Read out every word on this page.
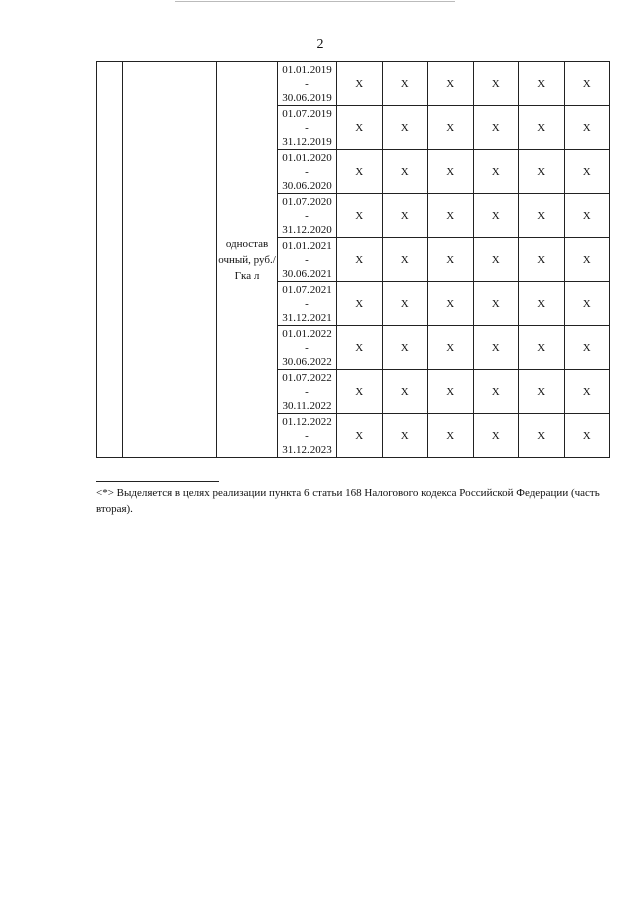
2
		одностав очный, руб./Гка л	01.01.2019
-
30.06.2019	X	X	X	X	X	X

			01.07.2019
-
31.12.2019	X	X	X	X	X	X

			01.01.2020
-
30.06.2020	X	X	X	X	X	X

			01.07.2020
-
31.12.2020	X	X	X	X	X	X

			01.01.2021
-
30.06.2021	X	X	X	X	X	X

			01.07.2021
-
31.12.2021	X	X	X	X	X	X

			01.01.2022
-
30.06.2022	X	X	X	X	X	X

			01.07.2022
-
30.11.2022	X	X	X	X	X	X

			01.12.2022
-
31.12.2023	X	X	X	X	X	X
<*> Выделяется в целях реализации пункта 6 статьи 168 Налогового кодекса Российской Федерации (часть вторая).
